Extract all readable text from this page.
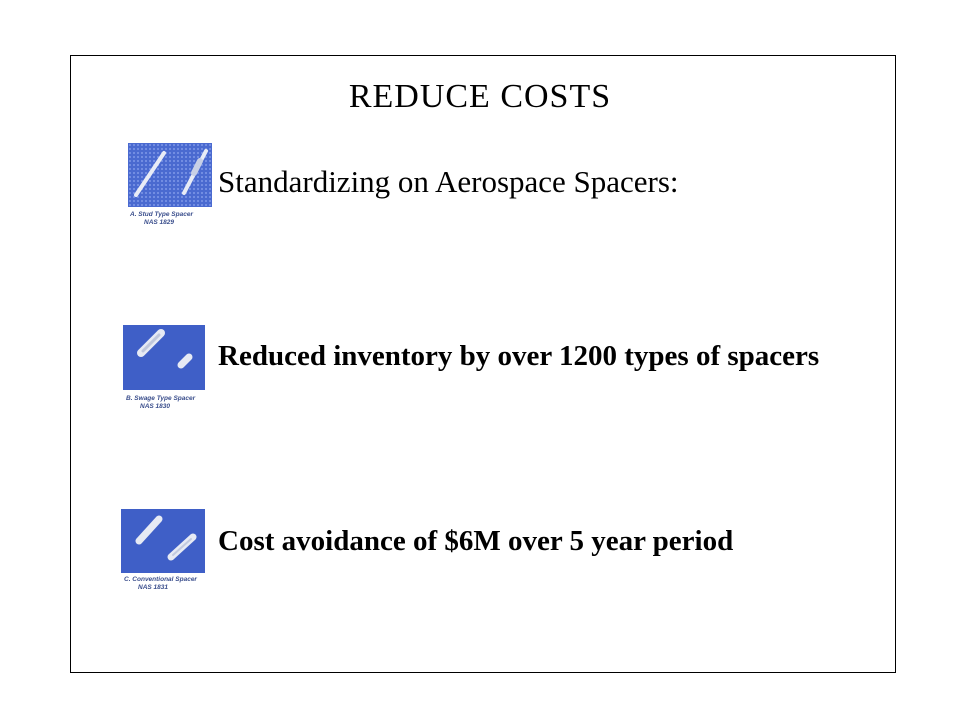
REDUCE COSTS
A. Stud Type Spacer
NAS 1829
Standardizing on Aerospace Spacers:
B. Swage Type Spacer
NAS 1830
Reduced inventory by over 1200 types of spacers
C. Conventional Spacer
NAS 1831
Cost avoidance of $6M over 5 year period
